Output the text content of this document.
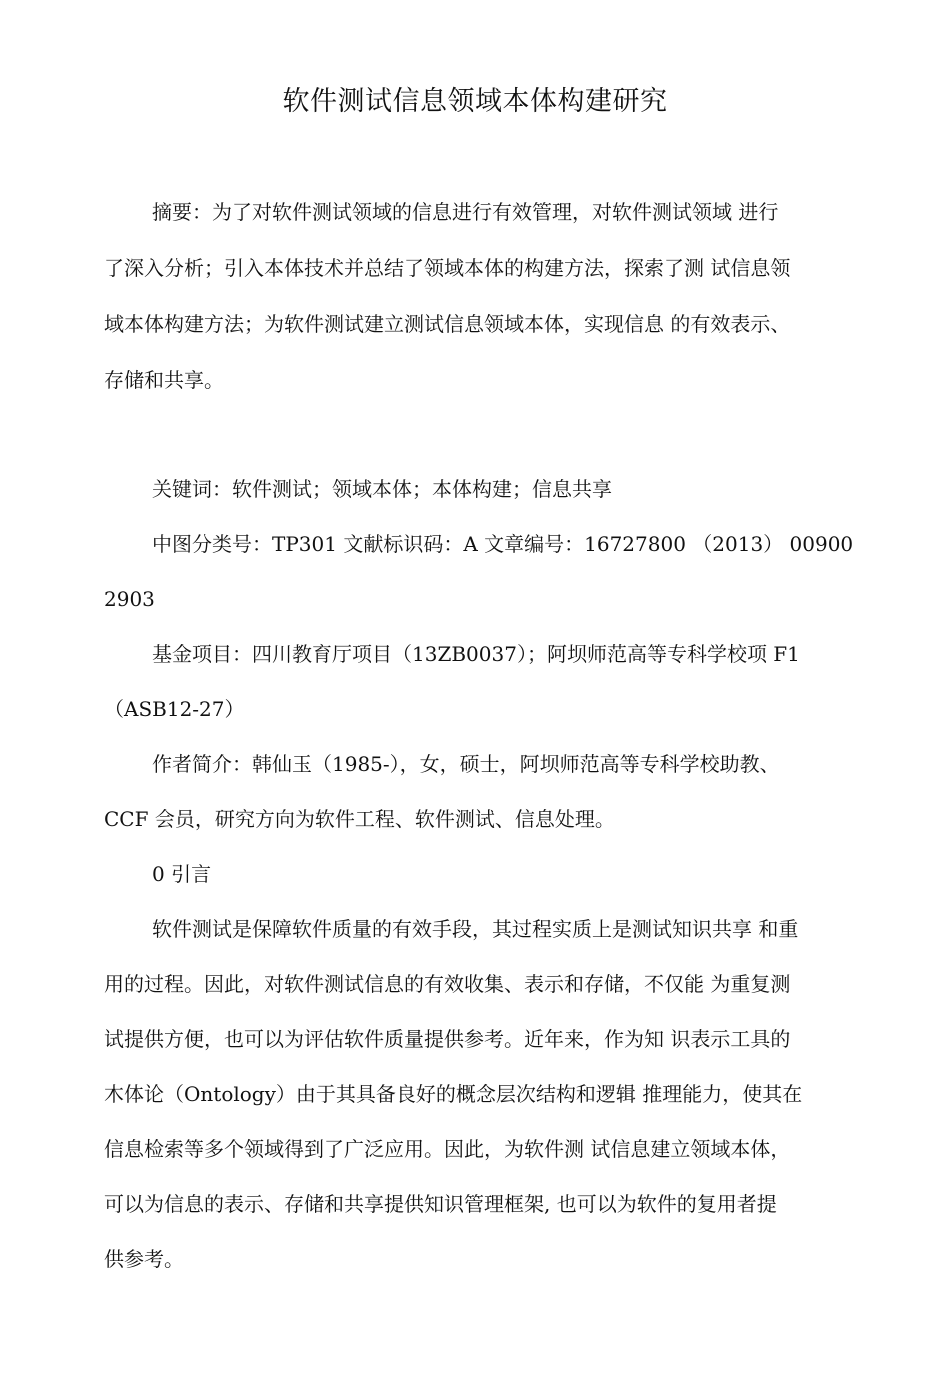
软件测试信息领域本体构建研究
摘要：为了对软件测试领域的信息进行有效管理，对软件测试领域 进行
了深入分析；引入本体技术并总结了领域本体的构建方法，探索了测 试信息领
域本体构建方法；为软件测试建立测试信息领域本体，实现信息 的有效表示、
存储和共享。
关键词：软件测试；领域本体；本体构建；信息共享
中图分类号：TP301 文献标识码：A 文章编号：16727800 （2013） 00900
2903
基金项目：四川教育厅项目（13ZB0037）；阿坝师范高等专科学校项 F1
（ASB12-27）
作者简介：韩仙玉（1985-），女，硕士，阿坝师范高等专科学校助教、
CCF 会员，研究方向为软件工程、软件测试、信息处理。
0 引言
软件测试是保障软件质量的有效手段，其过程实质上是测试知识共享 和重
用的过程。因此，对软件测试信息的有效收集、表示和存储，不仅能 为重复测
试提供方便，也可以为评估软件质量提供参考。近年来，作为知 识表示工具的
木体论（Ontology）由于其具备良好的概念层次结构和逻辑 推理能力，使其在
信息检索等多个领域得到了广泛应用。因此，为软件测 试信息建立领域本体，
可以为信息的表示、存储和共享提供知识管理框架, 也可以为软件的复用者提
供参考。
